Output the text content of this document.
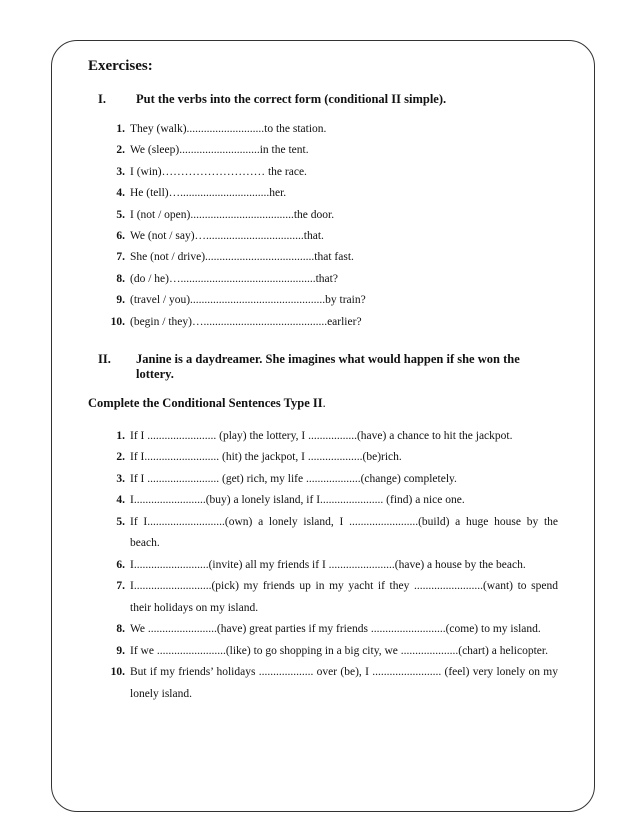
Exercises:
I.	Put the verbs into the correct form (conditional II simple).
1. They (walk)...........................to the station.
2. We (sleep)............................in the tent.
3. I (win)……………………… the race.
4. He (tell)…...............................her.
5. I (not / open)....................................the door.
6. We (not / say)…..................................that.
7. She (not / drive)......................................that fast.
8. (do / he)…...............................................that?
9. (travel / you)...............................................by train?
10. (begin / they)…...........................................earlier?
II.	Janine is a daydreamer. She imagines what would happen if she won the lottery.
Complete the Conditional Sentences Type II.
1. If I ........................ (play) the lottery, I .................(have) a chance to hit the jackpot.
2. If I.......................... (hit) the jackpot, I ...................(be)rich.
3. If I ......................... (get) rich, my life ...................(change) completely.
4. I.........................(buy) a lonely island, if I...................... (find) a nice one.
5. If I...........................(own) a lonely island, I ........................(build) a huge house by the beach.
6. I..........................(invite) all my friends if I .......................(have) a house by the beach.
7. I...........................(pick) my friends up in my yacht if they ........................(want) to spend their holidays on my island.
8. We ........................(have) great parties if my friends ..........................(come) to my island.
9. If we ........................(like) to go shopping in a big city, we ....................(chart) a helicopter.
10. But if my friends’ holidays ................... over (be), I ........................ (feel) very lonely on my lonely island.
